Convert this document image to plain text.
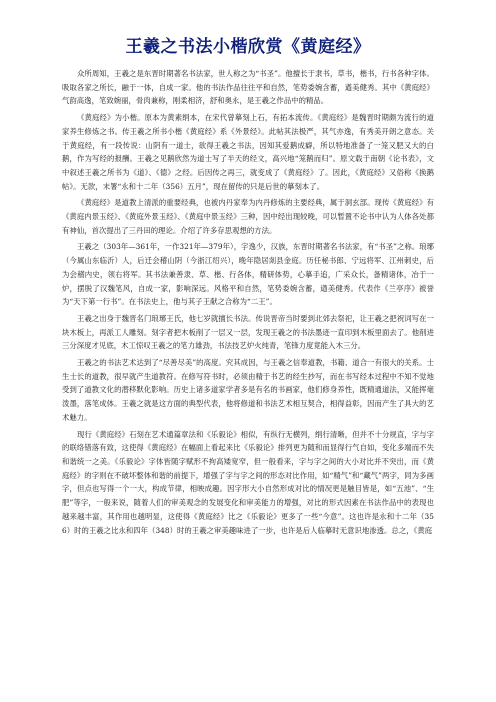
王羲之书法小楷欣赏《黄庭经》

众所周知，王羲之是东晋时期著名书法家，世人称之为“书圣”。他擅长于隶书，草书，楷书，行书各种字体。吸取各家之所长，融于一体，自成一家。他的书法作品往往平和自然，笔势委婉含蓄，遒美健秀。其中《黄庭经》气韵高逸，笔致婉丽，骨肉兼称，刚柔相济，舒和奥永，是王羲之作品中的精品。

《黄庭经》为小楷。原本为黄素绢本，在宋代曾摹刻上石，有拓本流传。《黄庭经》是魏晋时期颇为流行的道家养生修炼之书。传王羲之所书小楷《黄庭经》系《外景经》。此帖其法极严，其气亦逸，有秀美开朗之意态。关于黄庭经，有一段传说：山阴有一道士，欲得王羲之书法，因知其爱鹅成癖，所以特地准备了一笼又肥又大的白鹅，作为写经的报酬。王羲之见鹅欣然为道士写了半天的经文，高兴地“笼鹅而归”。原文载于南朝《论书表》，文中叙述王羲之所书为《道》、《德》之经。后因传之再三，就变成了《黄庭经》了。因此，《黄庭经》又俗称《换鹅帖》。无款，末署“永和十二年（356）五月”，现在留传的只是后世的摹刻本了。

《黄庭经》是道教上清派的重要经典，也被内丹家奉为内丹修炼的主要经典，属于洞玄部。现传《黄庭经》有《黄庭内景玉经》、《黄庭外景玉经》、《黄庭中景玉经》三种，因中经出现较晚，可以暂置不论书中认为人体各处都有神仙，首次提出了三丹田的理论。介绍了许多存思观想的方法。

王羲之（303年—361年，一作321年—379年），字逸少，汉族，东晋时期著名书法家，有“书圣”之称。琅琊（今属山东临沂）人，后迁会稽山阴（今浙江绍兴），晚年隐居剡县金庭。历任秘书郎、宁远将军、江州刺史，后为会稽内史，领右将军。其书法兼善隶、草、楷、行各体，精研体势，心摹手追，广采众长，备精诸体，冶于一炉，摆脱了汉魏笔风，自成一家，影响深远。风格平和自然，笔势委婉含蓄，遒美健秀。代表作《兰亭序》被誉为“天下第一行书”。在书法史上，他与其子王献之合称为“二王”。

王羲之出身于魏晋名门琅琊王氏，他七岁就擅长书法。传说晋帝当时要到北郊去祭祀，让王羲之把祝词写在一块木板上，再派工人雕刻。刻字者把木板削了一层又一层，发现王羲之的书法墨迹一直印到木板里面去了。他削进三分深度才见底，木工惊叹王羲之的笔力雄劲，书法技艺炉火纯青，笔锋力度竟能入木三分。

王羲之的书法艺术达到了“尽善尽美”的高度。究其成因，与王羲之信奉道教，书籍、道合一有很大的关系。士生士长的道教，很早就产生道教符。在修写符书时，必须由精于书艺的经生抄写，而在书写经本过程中不知不觉地受到了道教文化的潜移默化影响。历史上诸多道家学者多是有名的书画家，他们修身养性，既精通道法，又能挥毫泼墨，落笔成体。王羲之就是这方面的典型代表，他将修道和书法艺术相互契合，相得益彰，因而产生了具大的艺术魅力。

现行《黄庭经》石刻在艺术通篇章法和《乐毅论》相似，有纵行无横列，绢行清晰，但并不十分规直，字与字的联络错落有致，这使得《黄庭经》在幅面上看起来比《乐毅论》排列更为随和而显得行气自如，变化多端而不失和谐统一之美。《乐毅论》字体皆随字赋形不拘高矮宽窄，但一般看来，字与字之间的大小对比并不突出，而《黄庭经》的字则在不破坏整体和谐的前提下，增强了字与字之间的形态对比作用，如“精气”和“藏气”两字，同为多画字，但点也写得一个一大，构成节律，相映成趣。因字形大小自然形成对比的情况更是触目皆是，如“五池”、“生肥”等字，一般来说，随着人们的审美观念的发展变化和审美能力的增强，对比的形式因素在书法作品中的表现也越来越丰富，其作用也越明显，这使得《黄庭经》比之《乐毅论》更多了一些“今意”。这也许是永和十二年（356）时的王羲之比永和四年（348）时的王羲之审美趣味进了一步，也许是后人临摹时无意识地渗透。总之，《黄庭
